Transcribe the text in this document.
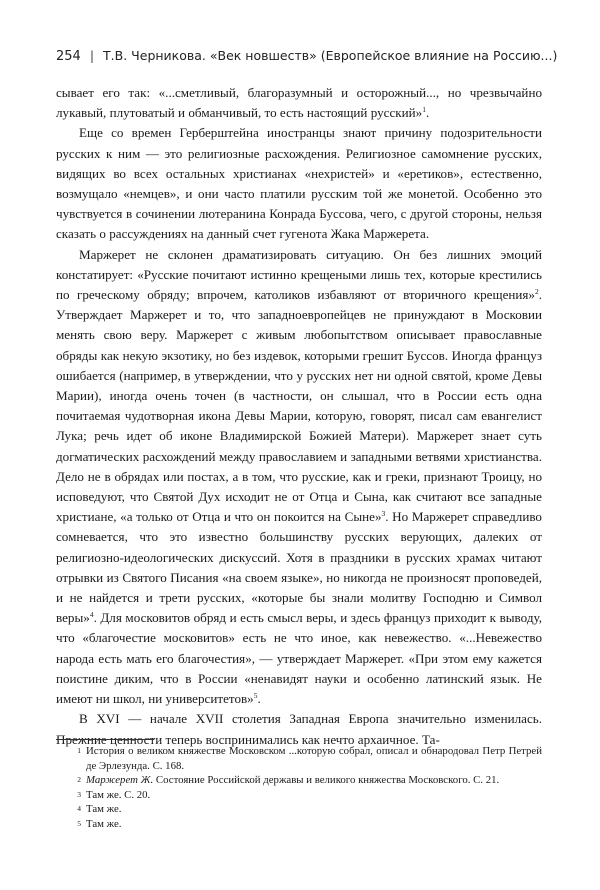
254 | Т.В. Черникова. «Век новшеств» (Европейское влияние на Россию...)

сывает его так: «...сметливый, благоразумный и осторожный..., но чрезвычайно лукавый, плутоватый и обманчивый, то есть настоящий русский»$^1$.

Еще со времен Герберштейна иностранцы знают причину подозрительности русских к ним — это религиозные расхождения. Религиозное самомнение русских, видящих во всех остальных христианах «нехристей» и «еретиков», естественно, возмущало «немцев», и они часто платили русским той же монетой. Особенно это чувствуется в сочинении лютеранина Конрада Буссова, чего, с другой стороны, нельзя сказать о рассуждениях на данный счет гугенота Жака Маржерета.

Маржерет не склонен драматизировать ситуацию. Он без лишних эмоций констатирует: «Русские почитают истинно крещеными лишь тех, которые крестились по греческому обряду; впрочем, католиков избавляют от вторичного крещения»$^2$. Утверждает Маржерет и то, что западноевропейцев не принуждают в Московии менять свою веру. Маржерет с живым любопытством описывает православные обряды как некую экзотику, но без издевок, которыми грешит Буссов. Иногда француз ошибается (например, в утверждении, что у русских нет ни одной святой, кроме Девы Марии), иногда очень точен (в частности, он слышал, что в России есть одна почитаемая чудотворная икона Девы Марии, которую, говорят, писал сам евангелист Лука; речь идет об иконе Владимирской Божией Матери). Маржерет знает суть догматических расхождений между православием и западными ветвями христианства. Дело не в обрядах или постах, а в том, что русские, как и греки, признают Троицу, но исповедуют, что Святой Дух исходит не от Отца и Сына, как считают все западные христиане, «а только от Отца и что он покоится на Сыне»$^3$. Но Маржерет справедливо сомневается, что это известно большинству русских верующих, далеких от религиозно-идеологических дискуссий. Хотя в праздники в русских храмах читают отрывки из Святого Писания «на своем языке», но никогда не произносят проповедей, и не найдется и трети русских, «которые бы знали молитву Господню и Символ веры»$^4$. Для московитов обряд и есть смысл веры, и здесь француз приходит к выводу, что «благочестие московитов» есть не что иное, как невежество. «...Невежество народа есть мать его благочестия», — утверждает Маржерет. «При этом ему кажется поистине диким, что в России «ненавидят науки и особенно латинский язык. Не имеют ни школ, ни университетов»$^5$.

В XVI — начале XVII столетия Западная Европа значительно изменилась. Прежние ценности теперь воспринимались как нечто архаичное. Та-

1 История о великом княжестве Московском ...которую собрал, описал и обнародовал Петр Петрей де Эрлезунда. С. 168.
2 Маржерет Ж. Состояние Российской державы и великого княжества Московского. С. 21.
3 Там же. С. 20.
4 Там же.
5 Там же.
